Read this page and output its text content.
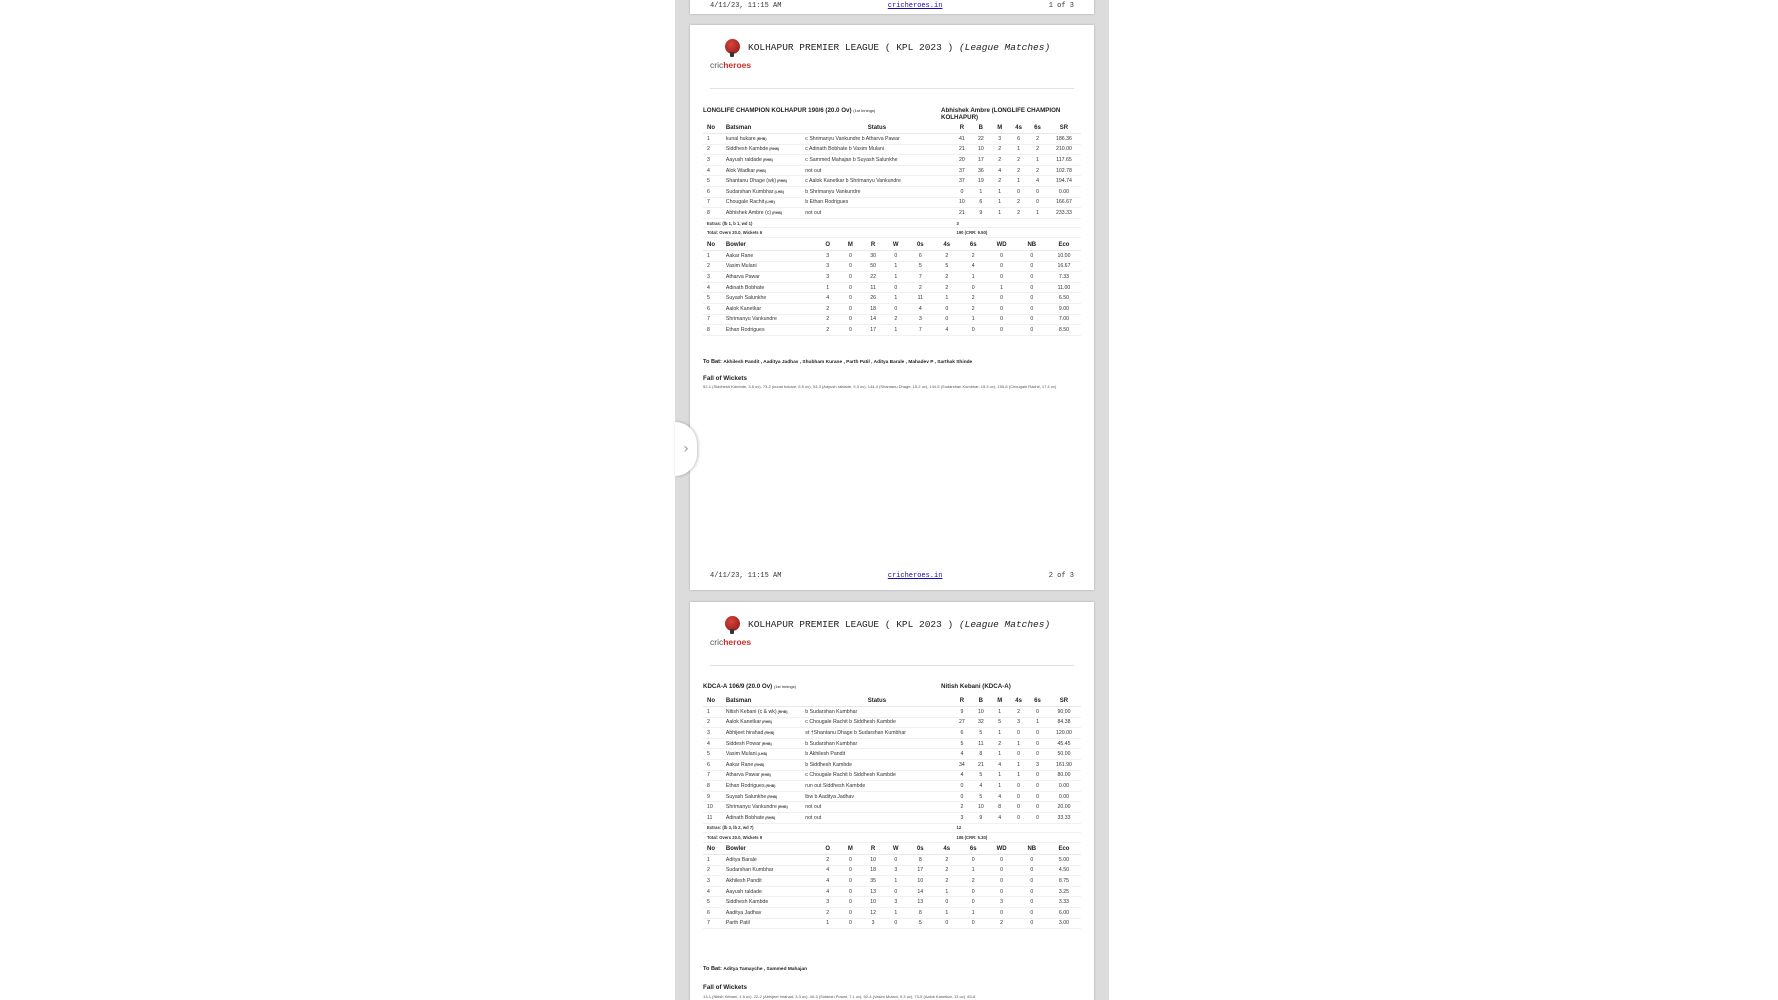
4/11/23, 11:15 AM	cricheroes.in	1 of 3
cricheroes
KOLHAPUR PREMIER LEAGUE ( KPL 2023 ) (League Matches)
LONGLIFE CHAMPION KOLHAPUR 190/6 (20.0 Ov) (1st Innings)	Abhishek Ambre (LONGLIFE CHAMPION KOLHAPUR)
No	Batsman	Status	R	B	M	4s	6s	SR
1	kunal hukare (RHB)	c Shrimanyu Vankundre b Atharva Pawar	41	22	3	6	2	186.36
2	Siddhesh Kambde (RHB)	c Adinath Bobhate b Vasim Mulani	21	10	2	1	2	210.00
3	Aayush raldade (RHB)	c Sammed Mahajan b Suyash Salunkhe	20	17	2	2	1	117.65
4	Alok Wadkar (RHB)	not out	37	36	4	2	2	102.78
5	Shantanu Dhage (wk) (RHB)	c Aalok Kanetkar b Shrimanyu Vankundre	37	19	2	1	4	194.74
6	Sudarshan Kumbhar (LHB)	b Shrimanyu Vankundre	0	1	1	0	0	0.00
7	Chougale Rachit (LHB)	b Ethan Rodrigues	10	6	1	2	0	166.67
8	Abhishek Ambre (c) (RHB)	not out	21	9	1	2	1	233.33
Extras: (lb 1, b 1, wd 1)			3					
Total: Overs 20.0, Wickets 6			190 (CRR: 9.50)					
No	Bowler	O	M	R	W	0s	4s	6s	WD	NB	Eco
1	Aakar Rane	3	0	30	0	6	2	2	0	0	10.00
2	Vasim Mulani	3	0	50	1	5	5	4	0	0	16.67
3	Atharva Pawar	3	0	22	1	7	2	1	0	0	7.33
4	Adinath Bobhate	1	0	11	0	2	2	0	1	0	11.00
5	Suyash Salunkhe	4	0	26	1	11	1	2	0	0	6.50
6	Aalok Kanetkar	2	0	18	0	4	0	2	0	0	9.00
7	Shrimanyu Vankundre	2	0	14	2	3	0	1	0	0	7.00
8	Ethan Rodrigues	2	0	17	1	7	4	0	0	0	8.50
To Bat: Akhilesh Pandit , Aaditya Jadhav , Shubham Kurane , Parth Patil , Aditya Barale , Mahadev P , Sarthak Shinde
Fall of Wickets
52-1 (Siddhesh Kambde, 3.5 ov), 73-2 (kunal hukare, 6.5 ov), 93-3 (Aayush raldade, 9.3 ov), 144-4 (Shantanu Dhage, 15.2 ov), 144-5 (Sudarshan Kumbhar, 15.3 ov), 155-6 (Chougale Rachit, 17.4 ov)
4/11/23, 11:15 AM	cricheroes.in	2 of 3
cricheroes
KOLHAPUR PREMIER LEAGUE ( KPL 2023 ) (League Matches)
KDCA-A 106/9 (20.0 Ov) (1st Innings)	Nitish Kebani (KDCA-A)
No	Batsman	Status	R	B	M	4s	6s	SR
1	Nitish Kebani (c & wk) (RHB)	b Sudarshan Kumbhar	9	10	1	2	0	90.00
2	Aalok Kanetkar (RHB)	c Chougale Rachit b Siddhesh Kambde	27	32	5	3	1	84.38
3	Abhijeet hirahad (RHB)	st †Shantanu Dhage b Sudarshan Kumbhar	6	5	1	0	0	120.00
4	Siddesh Powar (RHB)	b Sudarshan Kumbhar	5	11	2	1	0	45.45
5	Vasim Mulani (LHB)	b Akhilesh Pandit	4	8	1	0	0	50.00
6	Aakar Rane (RHB)	b Siddhesh Kambde	34	21	4	1	3	161.90
7	Atharva Pawar (RHB)	c Chougale Rachit b Siddhesh Kambde	4	5	1	1	0	80.00
8	Ethan Rodrigues (RHB)	run out Siddhesh Kambde	0	4	1	0	0	0.00
9	Suyash Salunkhe (RHB)	lbw b Aaditya Jadhav	0	5	4	0	0	0.00
10	Shrimanyu Vankundre (RHB)	not out	2	10	8	0	0	20.00
11	Adinath Bobhate (RHB)	not out	3	9	4	0	0	33.33
Extras: (lb 3, lb 2, wd 7)			12					
Total: Overs 20.0, Wickets 9			106 (CRR: 5.30)					
No	Bowler	O	M	R	W	0s	4s	6s	WD	NB	Eco
1	Aditya Barale	2	0	10	0	8	2	0	0	0	5.00
2	Sudarshan Kumbhar	4	0	18	3	17	2	1	0	0	4.50
3	Akhilesh Pandit	4	0	35	1	10	2	2	0	0	8.75
4	Aayush raldade	4	0	13	0	14	1	0	0	0	3.25
5	Siddhesh Kambde	3	0	10	3	13	0	0	3	0	3.33
6	Aaditya Jadhav	2	0	12	1	8	1	1	0	0	6.00
7	Parth Patil	1	0	3	0	5	0	0	2	0	3.00
To Bat: Aditya Tamayche , Sammed Mahajan
Fall of Wickets
13-1 (Nitish Kebani, 1.5 ov), 22-2 (Abhijeet hirahad, 3.3 ov), 40-3 (Siddesh Powar, 7.1 ov), 52-4 (Vasim Mulani, 9.3 ov), 73-5 (Aalok Kanetkar, 13 ov), 83-6
›
